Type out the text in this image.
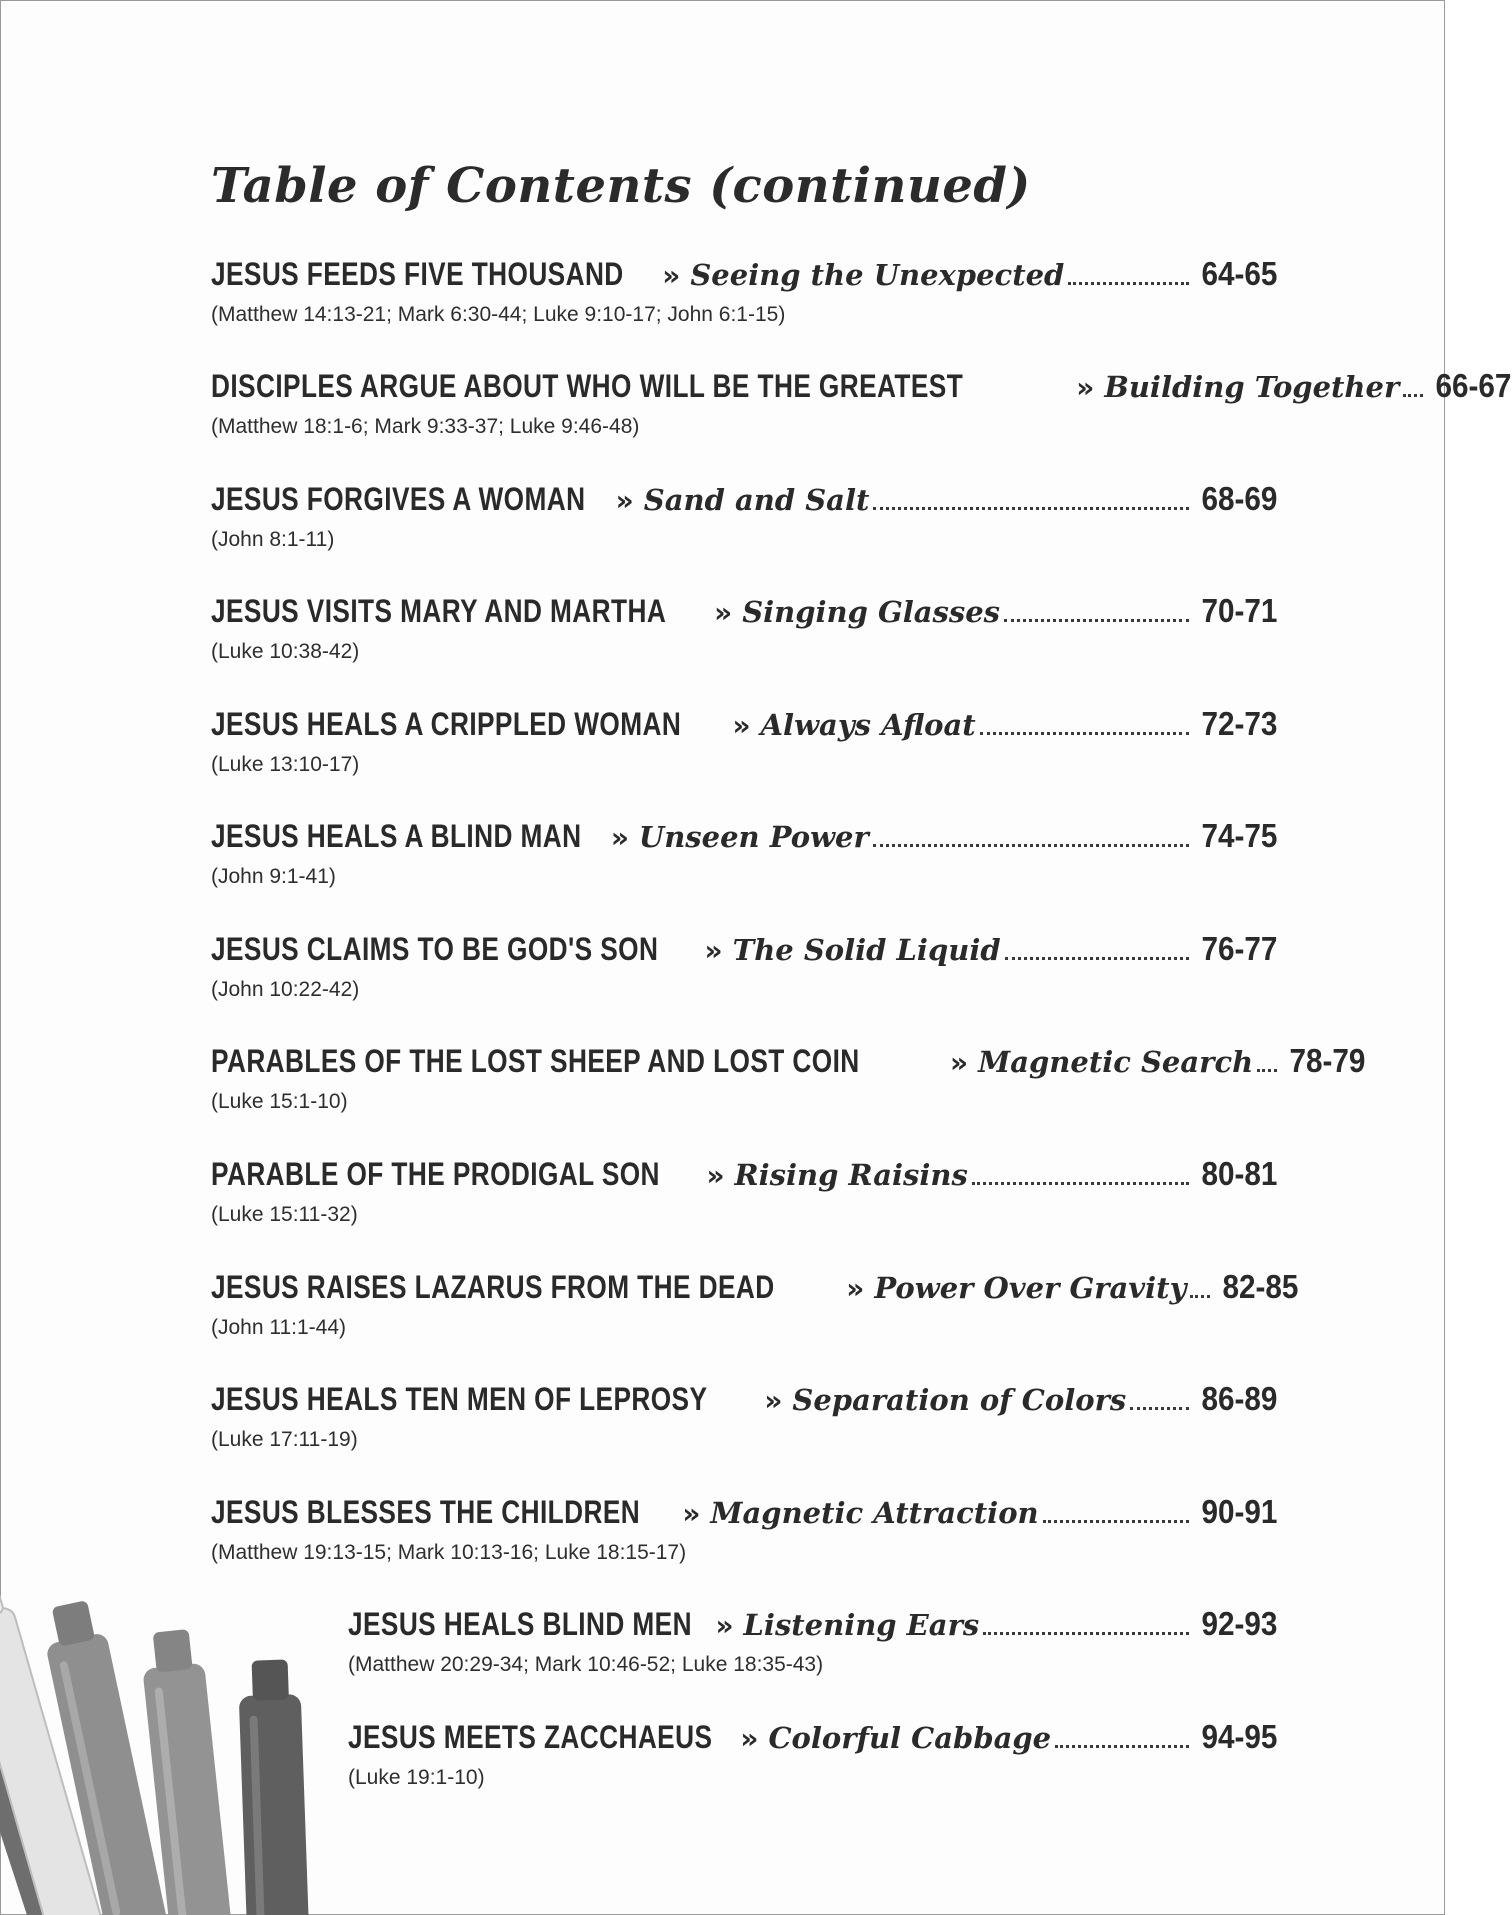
Table of Contents (continued)
JESUS FEEDS FIVE THOUSAND » Seeing the Unexpected	64-65
(Matthew 14:13-21; Mark 6:30-44; Luke 9:10-17; John 6:1-15)
DISCIPLES ARGUE ABOUT WHO WILL BE THE GREATEST	» Building Together 66-67
(Matthew 18:1-6; Mark 9:33-37; Luke 9:46-48)
JESUS FORGIVES A WOMAN » Sand and Salt	68-69
(John 8:1-11)
JESUS VISITS MARY AND MARTHA » Singing Glasses	70-71
(Luke 10:38-42)
JESUS HEALS A CRIPPLED WOMAN » Always Afloat	72-73
(Luke 13:10-17)
JESUS HEALS A BLIND MAN » Unseen Power	74-75
(John 9:1-41)
JESUS CLAIMS TO BE GOD'S SON » The Solid Liquid	76-77
(John 10:22-42)
PARABLES OF THE LOST SHEEP AND LOST COIN	» Magnetic Search 78-79
(Luke 15:1-10)
PARABLE OF THE PRODIGAL SON » Rising Raisins	80-81
(Luke 15:11-32)
JESUS RAISES LAZARUS FROM THE DEAD	» Power Over Gravity 82-85
(John 11:1-44)
JESUS HEALS TEN MEN OF LEPROSY » Separation of Colors 86-89
(Luke 17:11-19)
JESUS BLESSES THE CHILDREN » Magnetic Attraction	90-91
(Matthew 19:13-15; Mark 10:13-16; Luke 18:15-17)
JESUS HEALS BLIND MEN » Listening Ears	92-93
(Matthew 20:29-34; Mark 10:46-52; Luke 18:35-43)
JESUS MEETS ZACCHAEUS » Colorful Cabbage	94-95
(Luke 19:1-10)
